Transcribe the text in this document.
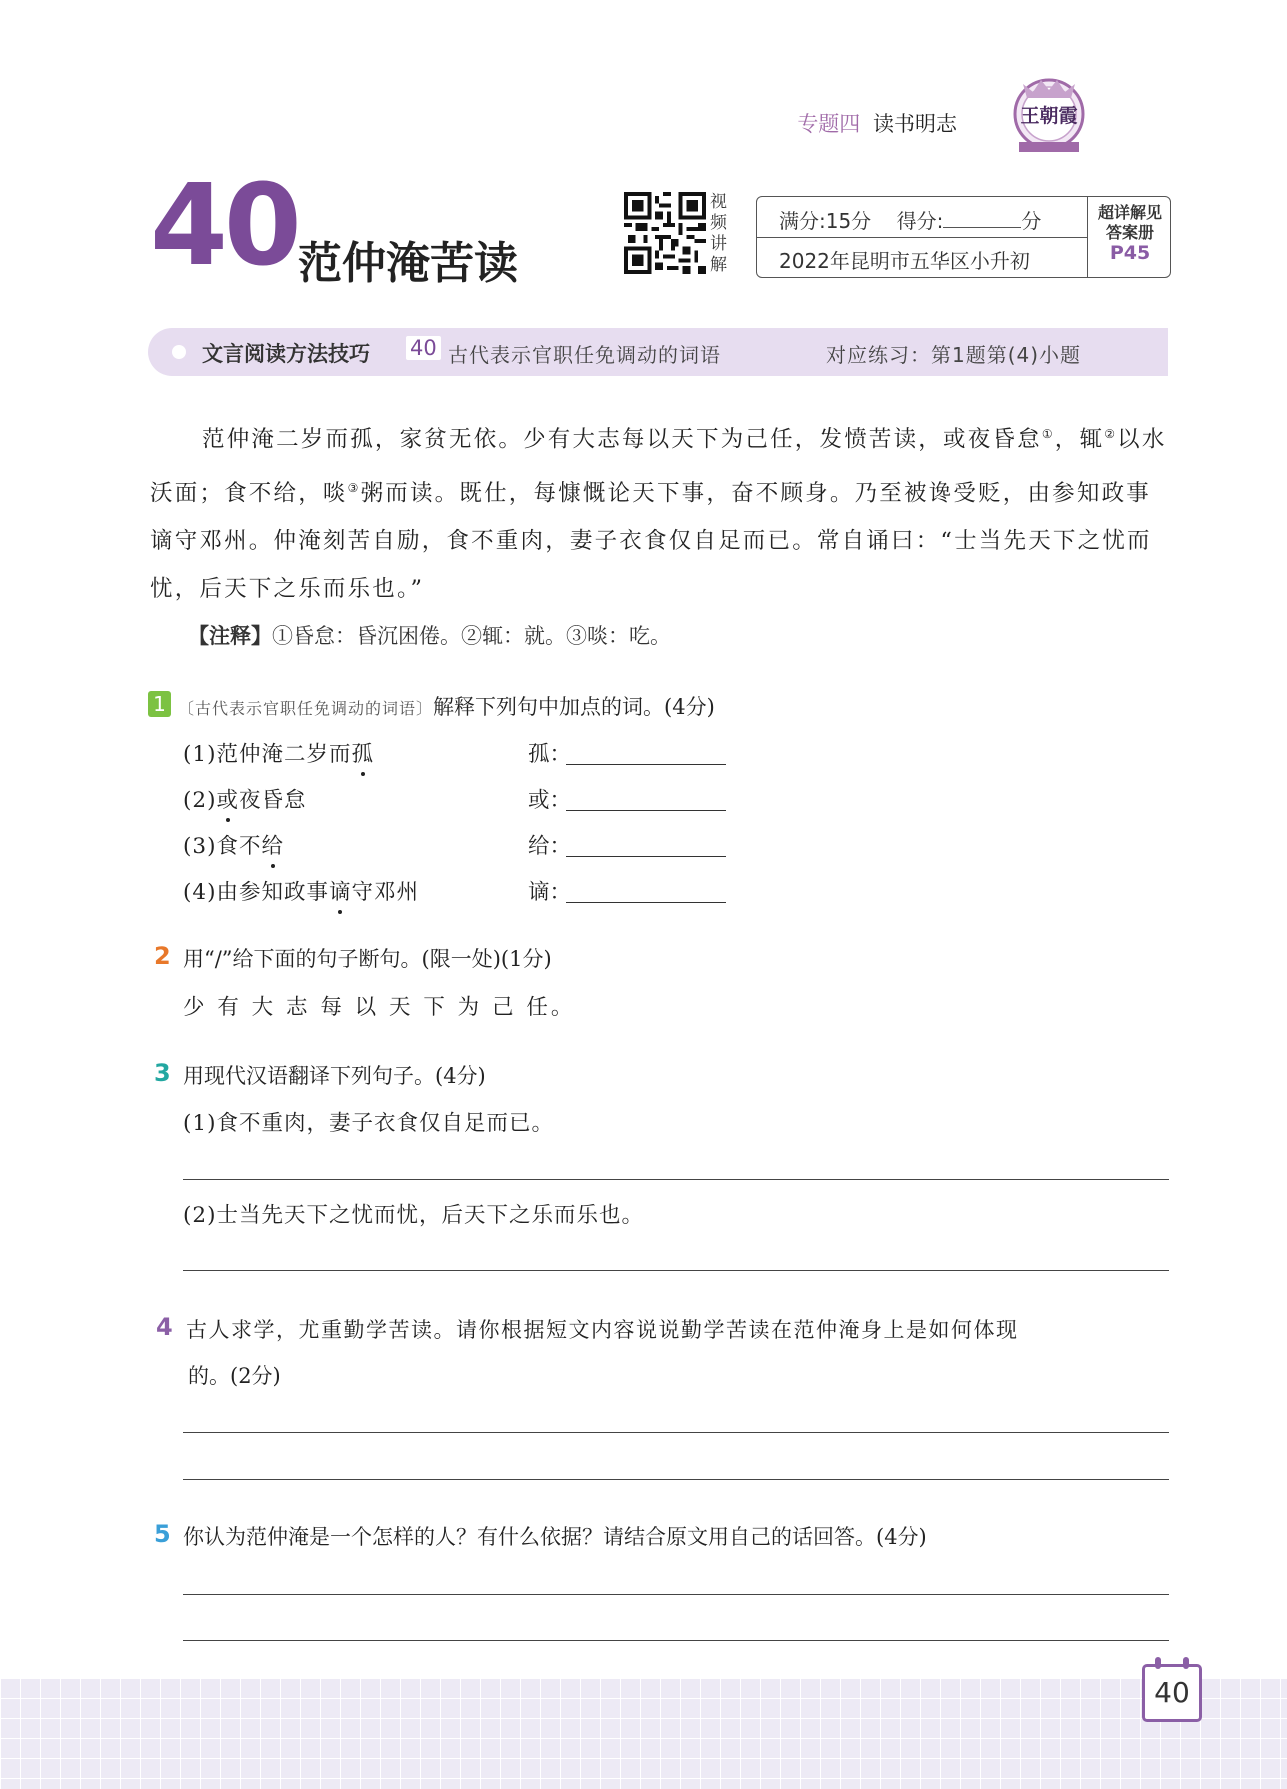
专题四 读书明志	王朝霞
40 范仲淹苦读
视频讲解
满分:15分 得分:	分
2022年昆明市五华区小升初
超详解见
答案册
P45
文言阅读方法技巧 40 古代表示官职任免调动的词语	对应练习：第1题第(4)小题

范仲淹二岁而孤，家贫无依。少有大志每以天下为己任，发愤苦读，或夜昏怠①，辄②以水沃面；食不给，啖③粥而读。既仕，每慷慨论天下事，奋不顾身。乃至被谗受贬，由参知政事谪守邓州。仲淹刻苦自励，食不重肉，妻子衣食仅自足而已。常自诵曰：“士当先天下之忧而忧，后天下之乐而乐也。”

【注释】①昏怠：昏沉困倦。②辄：就。③啖：吃。
1 〔古代表示官职任免调动的词语〕解释下列句中加点的词。(4分)
(1)范仲淹二岁而孤	孤：
(2)或夜昏怠	或：
(3)食不给	给：
(4)由参知政事谪守邓州	谪：
2 用“/”给下面的句子断句。(限一处)(1分)
少 有 大 志 每 以 天 下 为 己 任。
3 用现代汉语翻译下列句子。(4分)
(1)食不重肉，妻子衣食仅自足而已。
(2)士当先天下之忧而忧，后天下之乐而乐也。
4 古人求学，尤重勤学苦读。请你根据短文内容说说勤学苦读在范仲淹身上是如何体现
的。(2分)
5 你认为范仲淹是一个怎样的人？有什么依据？请结合原文用自己的话回答。(4分)
40
